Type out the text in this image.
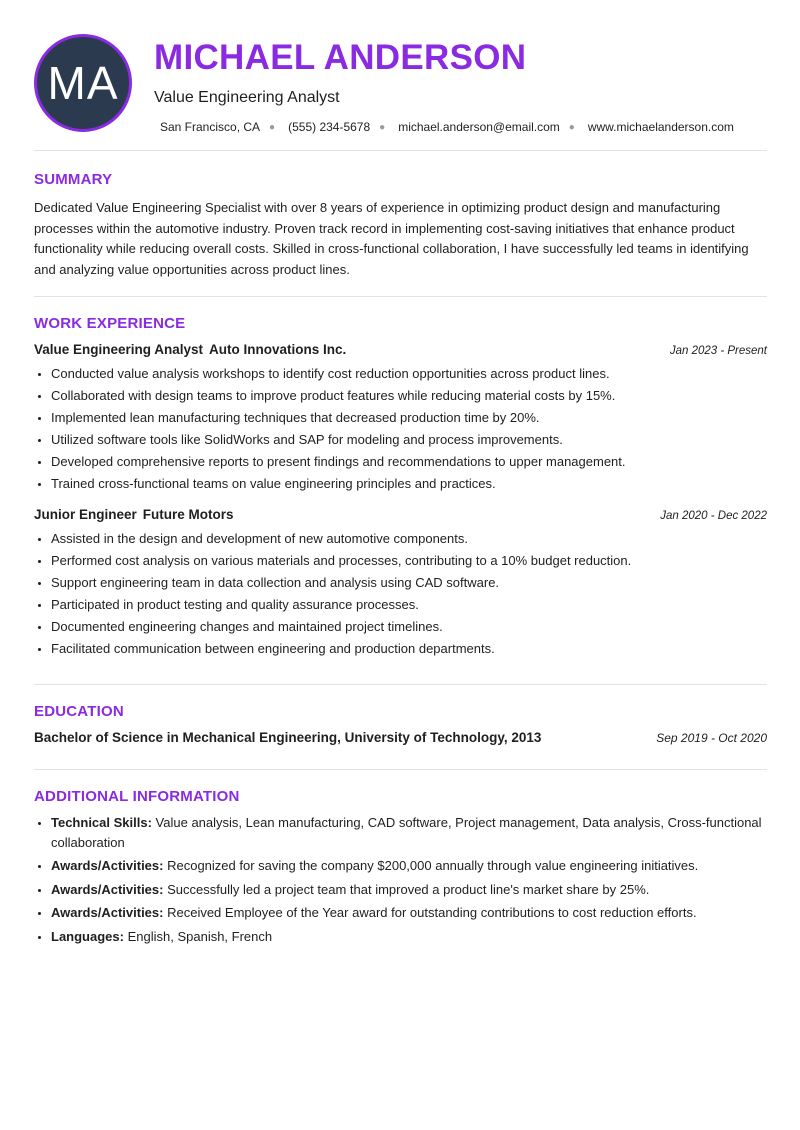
MA MICHAEL ANDERSON
Value Engineering Analyst
San Francisco, CA ● (555) 234-5678 ● michael.anderson@email.com ● www.michaelanderson.com
SUMMARY

Dedicated Value Engineering Specialist with over 8 years of experience in optimizing product design and manufacturing processes within the automotive industry. Proven track record in implementing cost-saving initiatives that enhance product functionality while reducing overall costs. Skilled in cross-functional collaboration, I have successfully led teams in identifying and analyzing value opportunities across product lines.

WORK EXPERIENCE
Value Engineering Analyst Auto Innovations Inc.	Jan 2023 - Present
• Conducted value analysis workshops to identify cost reduction opportunities across product lines.
• Collaborated with design teams to improve product features while reducing material costs by 15%.
• Implemented lean manufacturing techniques that decreased production time by 20%.
• Utilized software tools like SolidWorks and SAP for modeling and process improvements.
• Developed comprehensive reports to present findings and recommendations to upper management.
• Trained cross-functional teams on value engineering principles and practices.
Junior Engineer Future Motors	Jan 2020 - Dec 2022
• Assisted in the design and development of new automotive components.
• Performed cost analysis on various materials and processes, contributing to a 10% budget reduction.
• Support engineering team in data collection and analysis using CAD software.
• Participated in product testing and quality assurance processes.
• Documented engineering changes and maintained project timelines.
• Facilitated communication between engineering and production departments.
EDUCATION
Bachelor of Science in Mechanical Engineering, University of Technology, 2013	Sep 2019 - Oct 2020
ADDITIONAL INFORMATION
• Technical Skills: Value analysis, Lean manufacturing, CAD software, Project management, Data analysis, Cross-functional collaboration
• Awards/Activities: Recognized for saving the company $200,000 annually through value engineering initiatives.
• Awards/Activities: Successfully led a project team that improved a product line's market share by 25%.
• Awards/Activities: Received Employee of the Year award for outstanding contributions to cost reduction efforts.
• Languages: English, Spanish, French
